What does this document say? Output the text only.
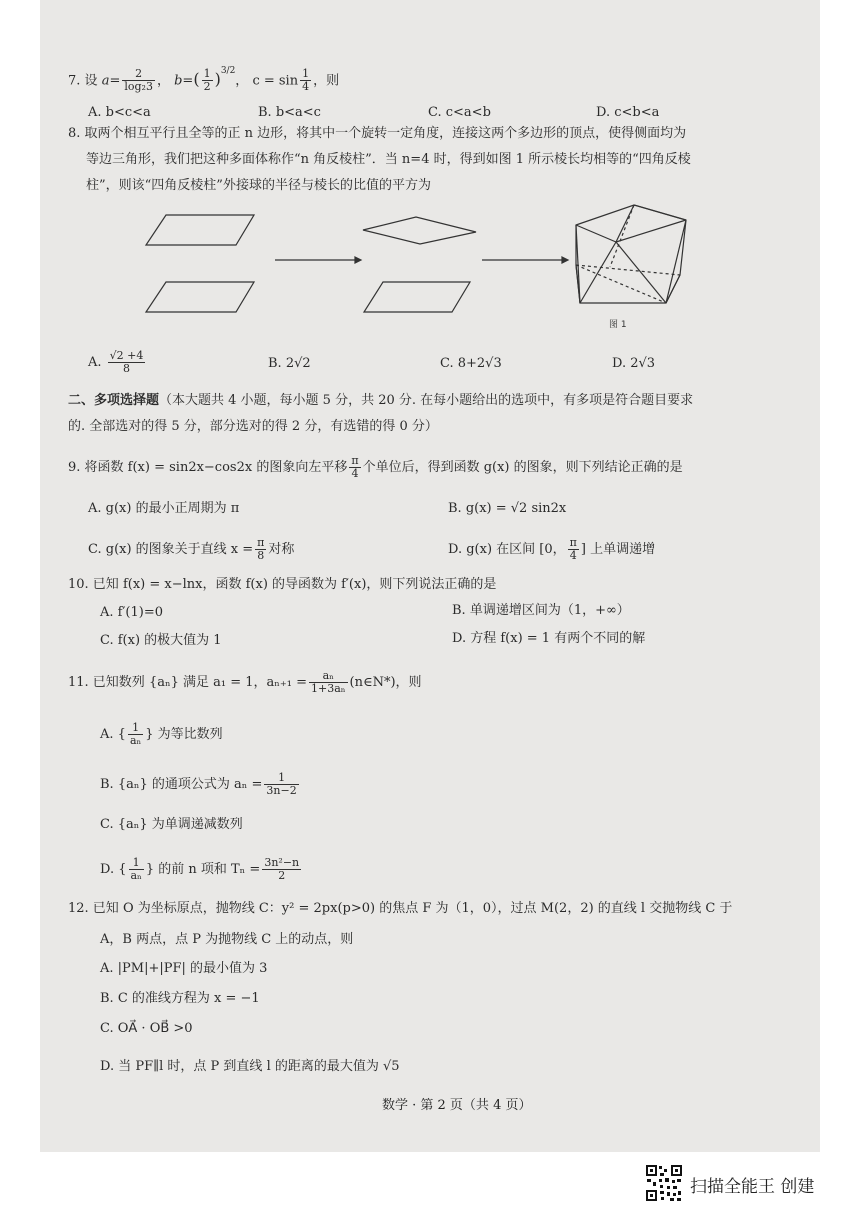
7. 设 $a= \frac{2}{\text{log₂3}}$ ， $b=( \frac{1}{2} )^{3/2}$， $c = \sin \frac{1}{4}$ ，则
A. b<c<a	B. b<a<c	C. c<a<b	D. c<b<a
8. 取两个相互平行且全等的正 n 边形，将其中一个旋转一定角度，连接这两个多边形的顶点，使得侧面均为
等边三角形，我们把这种多面体称作“n 角反棱柱”．当 n=4 时，得到如图 1 所示棱长均相等的“四角反棱
柱”，则该“四角反棱柱”外接球的半径与棱长的比值的平方为
图 1
A. $\frac{√2 +4}{8}$	B. 2√2	C. 8+2√3	D. 2√3
二、多项选择题（本大题共 4 小题，每小题 5 分，共 20 分. 在每小题给出的选项中，有多项是符合题目要求
的. 全部选对的得 5 分，部分选对的得 2 分，有选错的得 0 分）
9. 将函数 f(x) = sin2x−cos2x 的图象向左平移 $\frac{\pi}{4}$ 个单位后，得到函数 g(x) 的图象，则下列结论正确的是
A. g(x) 的最小正周期为 π	B. g(x) = √2 sin2x
C. g(x) 的图象关于直线 $x = \frac{\pi}{8}$ 对称	D. g(x) 在区间 [0， $\frac{\pi}{4}$ ] 上单调递增
10. 已知 f(x) = x−lnx，函数 f(x) 的导函数为 f′(x)，则下列说法正确的是
A. f′(1)=0	B. 单调递增区间为（1，+∞）
C. f(x) 的极大值为 1	D. 方程 f(x) = 1 有两个不同的解
11. 已知数列 {aₙ} 满足 a₁ = 1，$a_{n+1} = \frac{\text{aₙ}}{\text{1+3aₙ}}$ (n∈N*)，则
A. { $\frac{1}{\text{aₙ}}$ } 为等比数列
B. {aₙ} 的通项公式为 $a_n = \frac{1}{3n-2}$
C. {aₙ} 为单调递减数列
D. { $\frac{1}{\text{aₙ}}$ } 的前 n 项和 $T_n = \frac{\text{3n²−n}}{2}$
12. 已知 O 为坐标原点，抛物线 C：y² = 2px(p>0) 的焦点 F 为（1，0），过点 M(2，2) 的直线 l 交抛物线 C 于
A，B 两点，点 P 为抛物线 C 上的动点，则
A. |PM|+|PF| 的最小值为 3
B. C 的准线方程为 x = −1
C. OA⃗ · OB⃗ >0
D. 当 PF∥l 时，点 P 到直线 l 的距离的最大值为 √5
数学 · 第 2 页（共 4 页）
扫描全能王 创建
